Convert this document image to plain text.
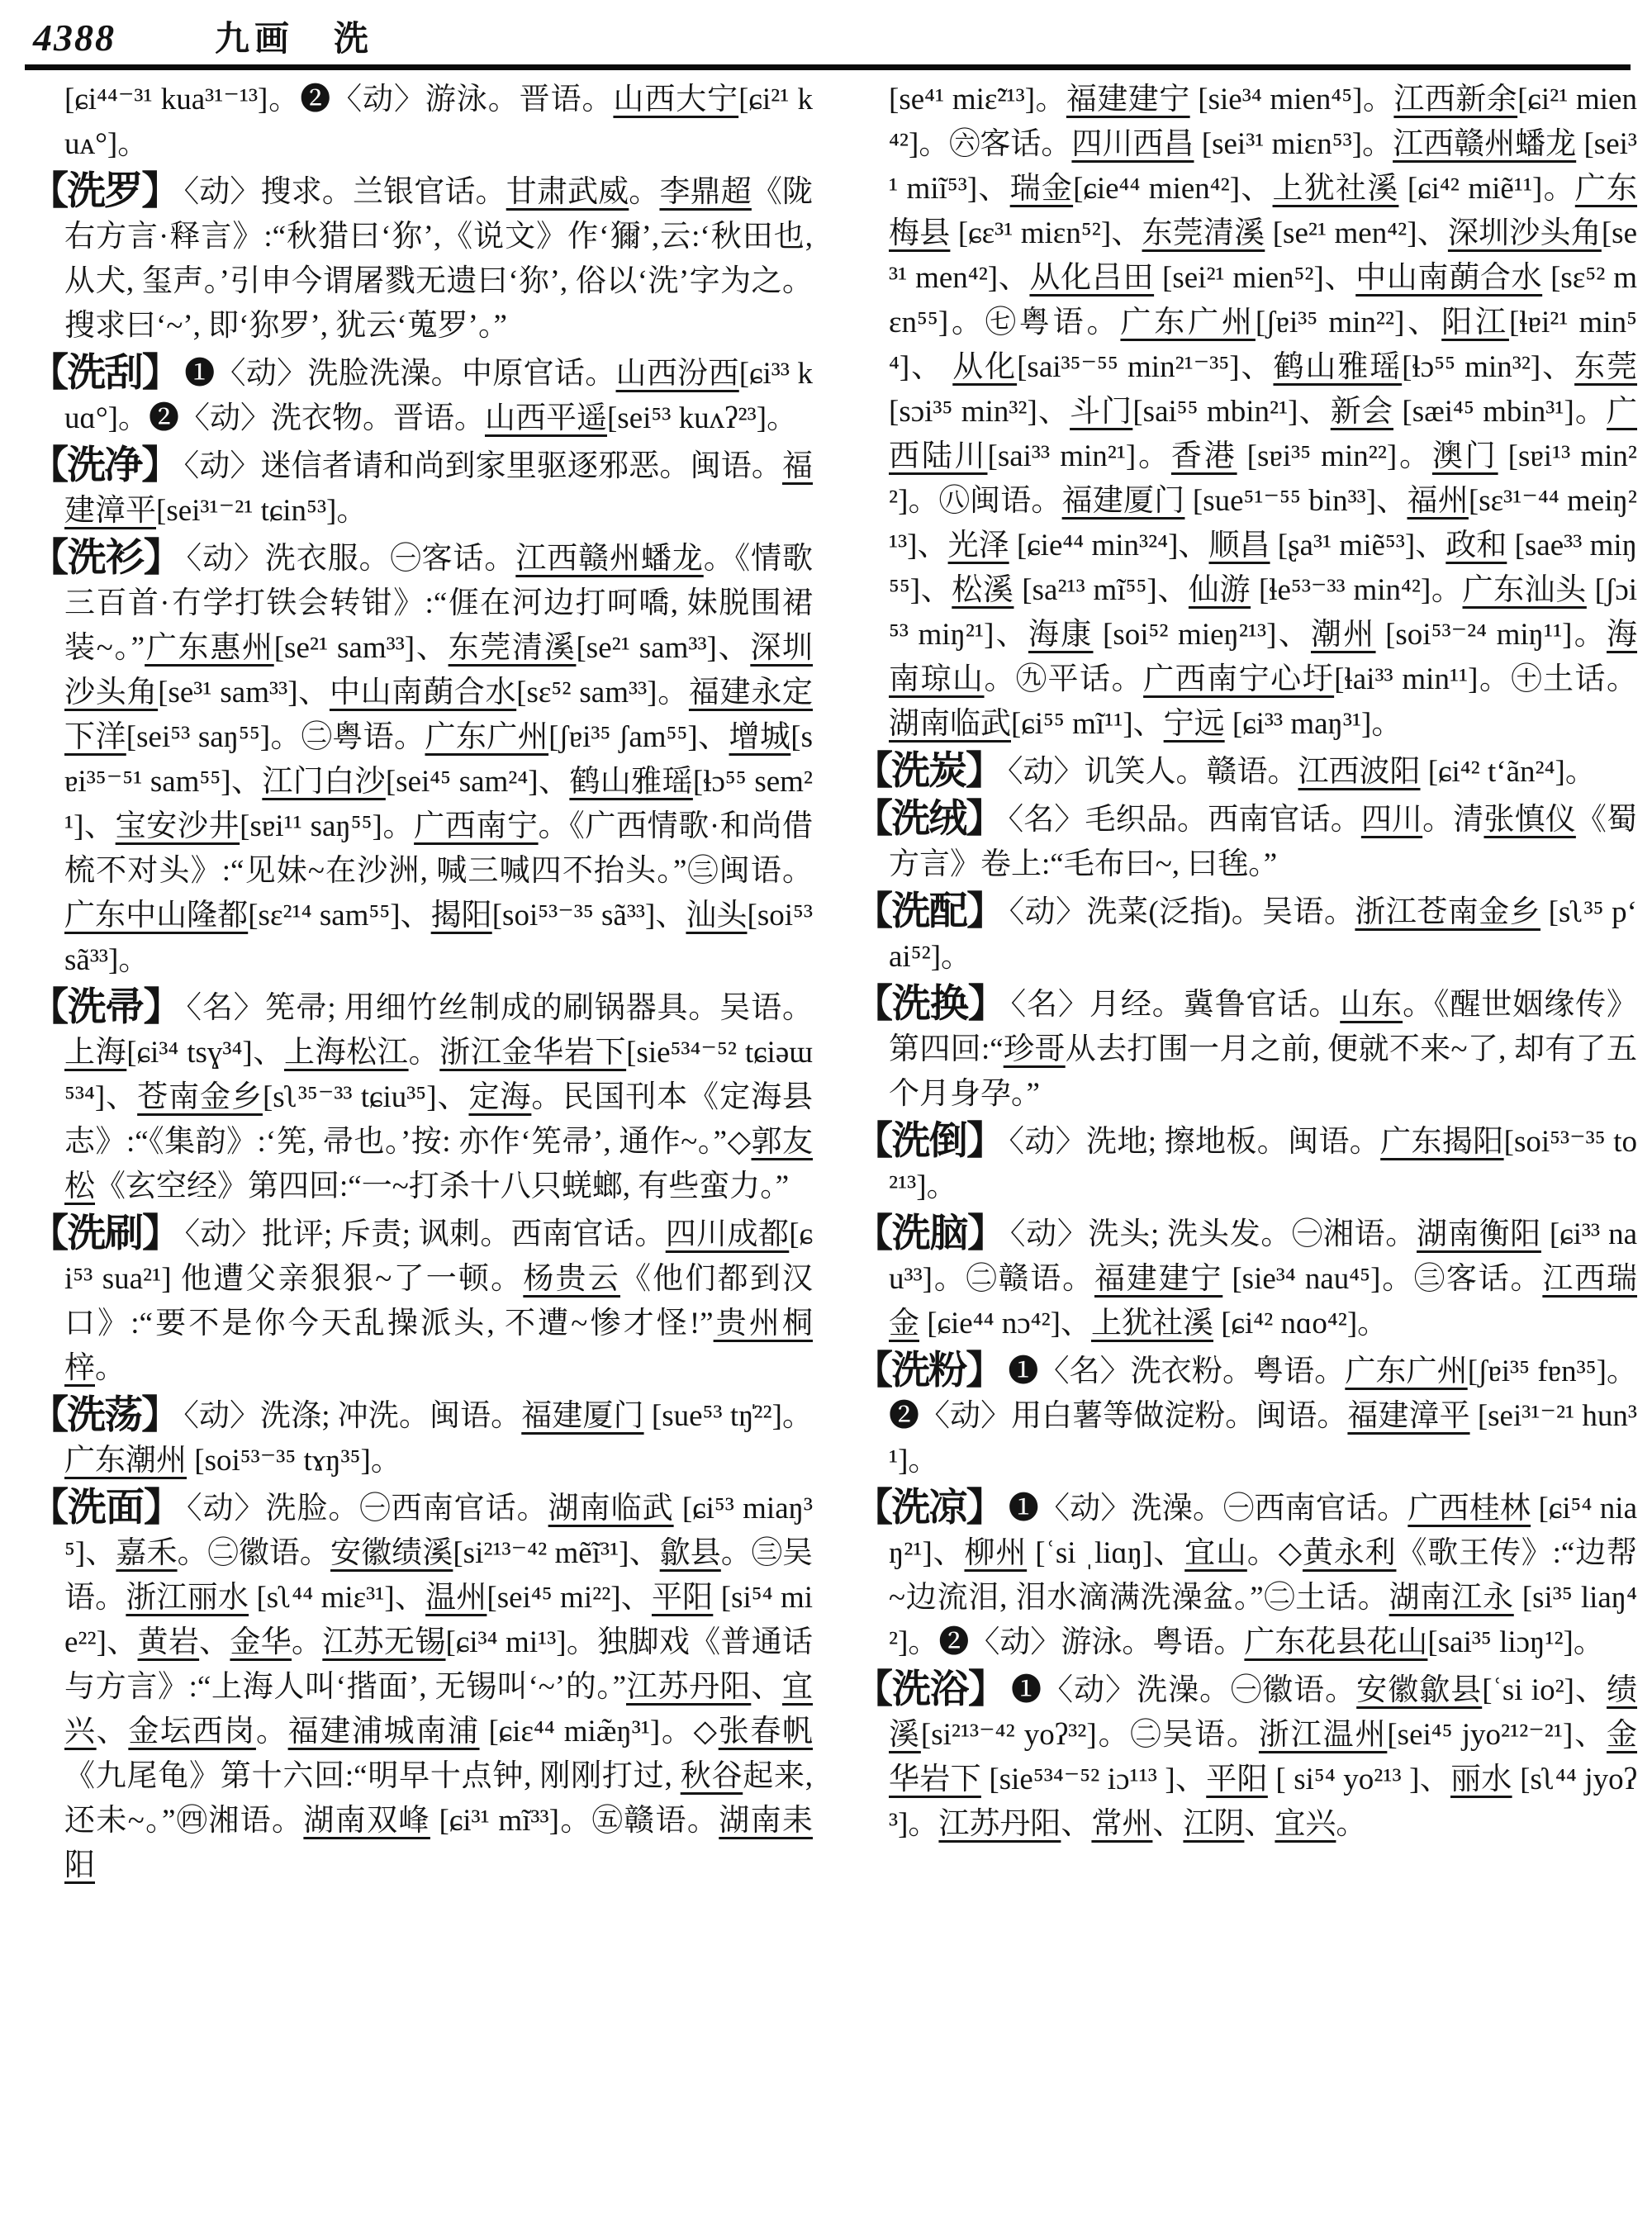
4388	九画　洗
[ɕi⁴⁴⁻³¹ kua³¹⁻¹³]。❷〈动〉游泳。晋语。山西大宁[ɕi²¹ kuᴀ°]。
【洗罗】 〈动〉搜求。兰银官话。甘肃武威。李鼎超《陇右方言·释言》:“秋猎曰‘狝’,《说文》作‘獮’,云:‘秋田也, 从犬, 玺声。’引申今谓屠戮无遗曰‘狝’, 俗以‘洗’字为之。搜求曰‘~’, 即‘狝罗’, 犹云‘蒐罗’。”
【洗刮】 ❶〈动〉洗脸洗澡。中原官话。山西汾西[ɕi³³ kuɑ°]。❷〈动〉洗衣物。晋语。山西平遥[sei⁵³ kuʌʔ²³]。
【洗净】 〈动〉迷信者请和尚到家里驱逐邪恶。闽语。福建漳平[sei³¹⁻²¹ tɕin⁵³]。
【洗衫】 〈动〉洗衣服。㊀客话。江西赣州蟠龙。《情歌三百首·冇学打铁会转钳》:“𠊎在河边打呵嘺, 妹脱围裙装~。”广东惠州[se²¹ sam³³]、东莞清溪[se²¹ sam³³]、深圳沙头角[se³¹ sam³³]、中山南蓢合水[sɛ⁵² sam³³]。福建永定下洋[sei⁵³ saŋ⁵⁵]。㊁粤语。广东广州[ʃɐi³⁵ ʃam⁵⁵]、增城[sɐi³⁵⁻⁵¹ sam⁵⁵]、江门白沙[sei⁴⁵ sam²⁴]、鹤山雅瑶[ɬɔ⁵⁵ sem²¹]、宝安沙井[sɐi¹¹ saŋ⁵⁵]。广西南宁。《广西情歌·和尚借梳不对头》:“见妹~在沙洲, 喊三喊四不抬头。”㊂闽语。广东中山隆都[sɛ²¹⁴ sam⁵⁵]、揭阳[soi⁵³⁻³⁵ sã³³]、汕头[soi⁵³ sã³³]。
【洗帚】 〈名〉筅帚; 用细竹丝制成的刷锅器具。吴语。上海[ɕi³⁴ tsɣ³⁴]、上海松江。浙江金华岩下[sie⁵³⁴⁻⁵² tɕiəɯ⁵³⁴]、苍南金乡[sʅ³⁵⁻³³ tɕiu³⁵]、定海。民国刊本《定海县志》:“《集韵》:‘筅, 帚也。’按: 亦作‘筅帚’, 通作~。”◇郭友松《玄空经》第四回:“一~打杀十八只蜣螂, 有些蛮力。”
【洗刷】 〈动〉批评; 斥责; 讽刺。西南官话。四川成都[ɕi⁵³ sua²¹] 他遭父亲狠狠~了一顿。杨贵云《他们都到汉口》:“要不是你今天乱操派头, 不遭~惨才怪!”贵州桐梓。
【洗荡】 〈动〉洗涤; 冲洗。闽语。福建厦门 [sue⁵³ tŋ̍²²]。广东潮州 [soi⁵³⁻³⁵ tɤŋ³⁵]。
【洗面】 〈动〉洗脸。㊀西南官话。湖南临武 [ɕi⁵³ miaŋ³⁵]、嘉禾。㊁徽语。安徽绩溪[si²¹³⁻⁴² mẽĩ³¹]、歙县。㊂吴语。浙江丽水 [sʅ⁴⁴ miɛ³¹]、温州[sei⁴⁵ mi²²]、平阳 [si⁵⁴ mie²²]、黄岩、金华。江苏无锡[ɕi³⁴ mi¹³]。独脚戏《普通话与方言》:“上海人叫‘揩面’, 无锡叫‘~’的。”江苏丹阳、宜兴、金坛西岗。福建浦城南浦 [ɕiɛ⁴⁴ miæ̃ŋ³¹]。◇张春帆《九尾龟》第十六回:“明早十点钟, 刚刚打过, 秋谷起来, 还未~。”㊃湘语。湖南双峰 [ɕi³¹ mĩ³³]。㊄赣语。湖南耒阳
[se⁴¹ miɛ̃²¹³]。福建建宁 [sie³⁴ mien⁴⁵]。江西新余[ɕi²¹ mien⁴²]。㊅客话。四川西昌 [sei³¹ miɛn⁵³]。江西赣州蟠龙 [sei³¹ miĩ⁵³]、瑞金[ɕie⁴⁴ mien⁴²]、上犹社溪 [ɕi⁴² miẽ¹¹]。广东梅县 [ɕɛ³¹ miɛn⁵²]、东莞清溪 [se²¹ men⁴²]、深圳沙头角[se³¹ men⁴²]、从化吕田 [sei²¹ mien⁵²]、中山南蓢合水 [sɛ⁵² mɛn⁵⁵]。㊆粤语。广东广州[ʃɐi³⁵ min²²]、阳江[ɬɐi²¹ min⁵⁴]、 从化[sai³⁵⁻⁵⁵ min²¹⁻³⁵]、鹤山雅瑶[ɬɔ⁵⁵ min³²]、东莞 [sɔi³⁵ min³²]、斗门[sai⁵⁵ mbin²¹]、新会 [sæi⁴⁵ mbin³¹]。广西陆川[sai³³ min²¹]。香港 [sɐi³⁵ min²²]。澳门 [sɐi¹³ min²²]。㊇闽语。福建厦门 [sue⁵¹⁻⁵⁵ bin³³]、福州[sɛ³¹⁻⁴⁴ meiŋ²¹³]、光泽 [ɕie⁴⁴ min³²⁴]、顺昌 [ʂa³¹ miẽ⁵³]、政和 [sae³³ miŋ⁵⁵]、松溪 [sa²¹³ mĩ⁵⁵]、仙游 [ɬe⁵³⁻³³ min⁴²]。广东汕头 [ʃɔi⁵³ miŋ²¹]、海康 [soi⁵² mieŋ²¹³]、潮州 [soi⁵³⁻²⁴ miŋ¹¹]。海南琼山。㊈平话。广西南宁心圩[ɬai³³ min¹¹]。㊉土话。湖南临武[ɕi⁵⁵ mĩ¹¹]、宁远 [ɕi³³ maŋ³¹]。
【洗炭】 〈动〉讥笑人。赣语。江西波阳 [ɕi⁴² tʻãn²⁴]。
【洗绒】 〈名〉毛织品。西南官话。四川。清张慎仪《蜀方言》卷上:“毛布曰~, 曰毪。”
【洗配】 〈动〉洗菜(泛指)。吴语。浙江苍南金乡 [sʅ³⁵ pʻai⁵²]。
【洗换】 〈名〉月经。冀鲁官话。山东。《醒世姻缘传》第四回:“珍哥从去打围一月之前, 便就不来~了, 却有了五个月身孕。”
【洗倒】 〈动〉洗地; 擦地板。闽语。广东揭阳[soi⁵³⁻³⁵ to²¹³]。
【洗脑】 〈动〉洗头; 洗头发。㊀湘语。湖南衡阳 [ɕi³³ nau³³]。㊁赣语。福建建宁 [sie³⁴ nau⁴⁵]。㊂客话。江西瑞金 [ɕie⁴⁴ nɔ⁴²]、上犹社溪 [ɕi⁴² nɑo⁴²]。
【洗粉】 ❶〈名〉洗衣粉。粤语。广东广州[ʃɐi³⁵ fɐn³⁵]。❷〈动〉用白薯等做淀粉。闽语。福建漳平 [sei³¹⁻²¹ hun³¹]。
【洗凉】 ❶〈动〉洗澡。㊀西南官话。广西桂林 [ɕi⁵⁴ niaŋ²¹]、柳州 [ʿsi ˌliɑŋ]、宜山。◇黄永利《歌王传》:“边帮~边流泪, 泪水滴满洗澡盆。”㊁土话。湖南江永 [si³⁵ liaŋ⁴²]。❷〈动〉游泳。粤语。广东花县花山[sai³⁵ liɔŋ¹²]。
【洗浴】 ❶〈动〉洗澡。㊀徽语。安徽歙县[ʿsi io²]、绩溪[si²¹³⁻⁴² yoʔ³²]。㊁吴语。浙江温州[sei⁴⁵ jyo²¹²⁻²¹]、金华岩下 [sie⁵³⁴⁻⁵² iɔ¹¹³ ]、平阳 [ si⁵⁴ yo²¹³ ]、丽水 [sʅ⁴⁴ jyoʔ³]。江苏丹阳、常州、江阴、宜兴。
